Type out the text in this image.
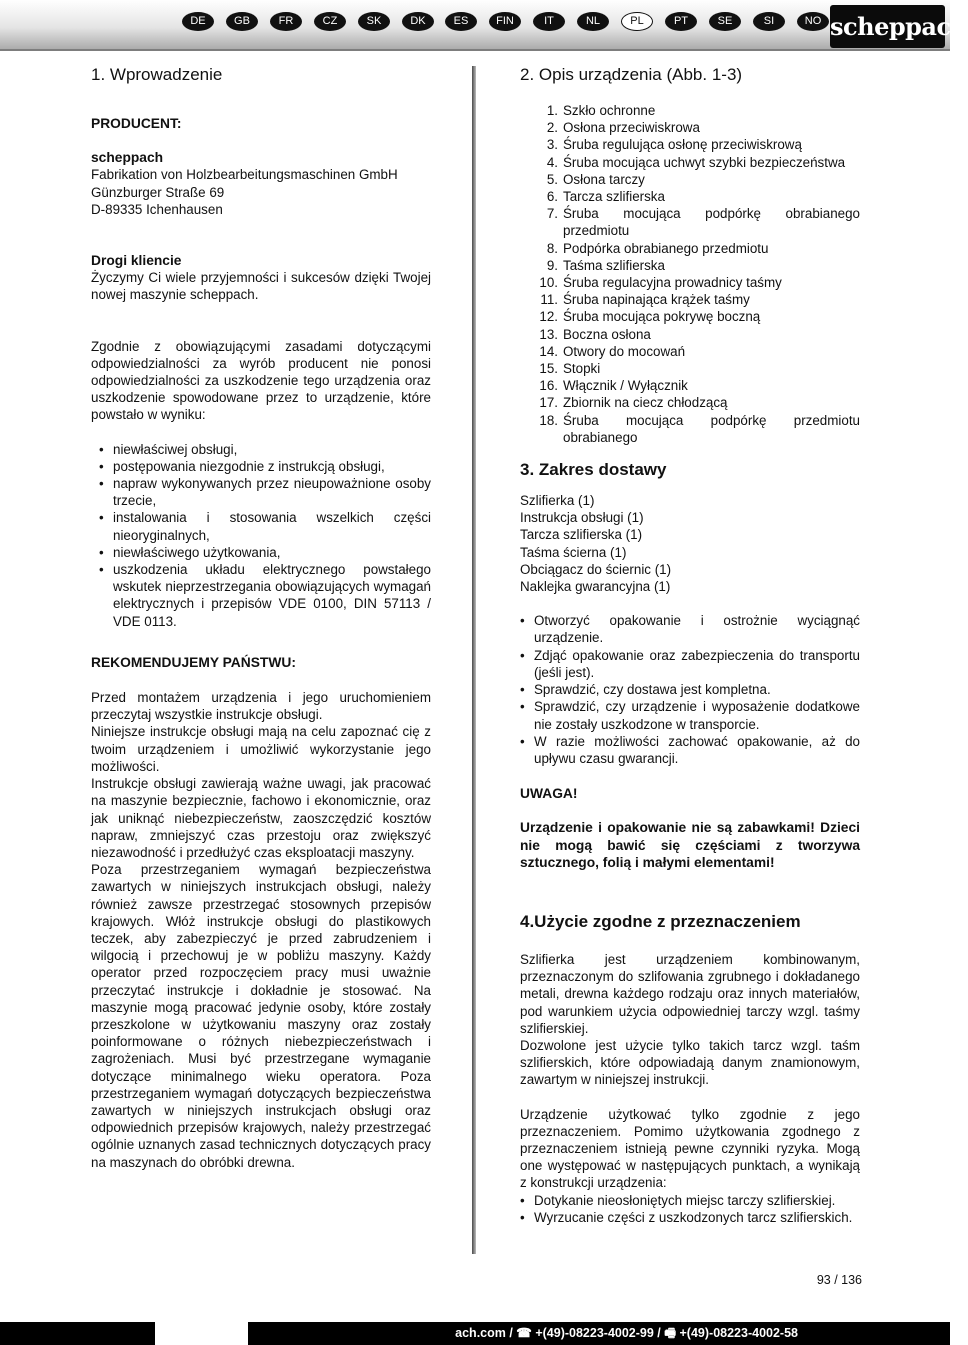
DE	GB	FR	CZ	SK	DK	ES	FIN	IT	NL	PL	PT	SE	SI	NO scheppach
1. Wprowadzenie
PRODUCENT:
scheppach
Fabrikation von Holzbearbeitungsmaschinen GmbH
Günzburger Straße 69
D-89335 Ichenhausen
Drogi kliencie

Życzymy Ci wiele przyjemności i sukcesów dzięki Twojej nowej maszynie scheppach.

Zgodnie z obowiązującymi zasadami dotyczącymi odpowiedzialności za wyrób producent nie ponosi odpowiedzialności za uszkodzenie tego urządzenia oraz uszkodzenie spowodowane przez to urządzenie, które powstało w wyniku:

• niewłaściwej obsługi,
• postępowania niezgodnie z instrukcją obsługi,
• napraw wykonywanych przez nieupoważnione osoby trzecie,
• instalowania i stosowania wszelkich części nieoryginalnych,
• niewłaściwego użytkowania,
• uszkodzenia układu elektrycznego powstałego wskutek nieprzestrzegania obowiązujących wymagań elektrycznych i przepisów VDE 0100, DIN 57113 / VDE 0113.
REKOMENDUJEMY PAŃSTWU:

Przed montażem urządzenia i jego uruchomieniem przeczytaj wszystkie instrukcje obsługi.

Niniejsze instrukcje obsługi mają na celu zapoznać cię z twoim urządzeniem i umożliwić wykorzystanie jego możliwości.

Instrukcje obsługi zawierają ważne uwagi, jak pracować na maszynie bezpiecznie, fachowo i ekonomicznie, oraz jak uniknąć niebezpieczeństw, zaoszczędzić kosztów napraw, zmniejszyć czas przestoju oraz zwiększyć niezawodność i przedłużyć czas eksploatacji maszyny.

Poza przestrzeganiem wymagań bezpieczeństwa zawartych w niniejszych instrukcjach obsługi, należy również zawsze przestrzegać stosownych przepisów krajowych. Włóż instrukcje obsługi do plastikowych teczek, aby zabezpieczyć je przed zabrudzeniem i wilgocią i przechowuj je w pobliżu maszyny. Każdy operator przed rozpoczęciem pracy musi uważnie przeczytać instrukcje i dokładnie je stosować. Na maszynie mogą pracować jedynie osoby, które zostały przeszkolone w użytkowaniu maszyny oraz zostały poinformowane o różnych niebezpieczeństwach i zagrożeniach. Musi być przestrzegane wymaganie dotyczące minimalnego wieku operatora. Poza przestrzeganiem wymagań dotyczących bezpieczeństwa zawartych w niniejszych instrukcjach obsługi oraz odpowiednich przepisów krajowych, należy przestrzegać ogólnie uznanych zasad technicznych dotyczących pracy na maszynach do obróbki drewna.

2. Opis urządzenia (Abb. 1-3)
1. Szkło ochronne
2. Osłona przeciwiskrowa
3. Śruba regulująca osłonę przeciwiskrową
4. Śruba mocująca uchwyt szybki bezpieczeństwa
5. Osłona tarczy
6. Tarcza szlifierska
7. Śruba mocująca podpórkę obrabianego przedmiotu
8. Podpórka obrabianego przedmiotu
9. Taśma szlifierska
10. Śruba regulacyjna prowadnicy taśmy
11. Śruba napinająca krążek taśmy
12. Śruba mocująca pokrywę boczną
13. Boczna osłona
14. Otwory do mocowań
15. Stopki
16. Włącznik / Wyłącznik
17. Zbiornik na ciecz chłodzącą
18. Śruba mocująca podpórkę przedmiotu obrabianego
3. Zakres dostawy
Szlifierka (1)
Instrukcja obsługi (1)
Tarcza szlifierska (1)
Taśma ścierna (1)
Obciągacz do ściernic (1)
Naklejka gwarancyjna (1)
• Otworzyć opakowanie i ostrożnie wyciągnąć urządzenie.
• Zdjąć opakowanie oraz zabezpieczenia do transportu (jeśli jest).
• Sprawdzić, czy dostawa jest kompletna.
• Sprawdzić, czy urządzenie i wyposażenie dodatkowe nie zostały uszkodzone w transporcie.
• W razie możliwości zachować opakowanie, aż do upływu czasu gwarancji.
UWAGA!

Urządzenie i opakowanie nie są zabawkami! Dzieci nie mogą bawić się częściami z tworzywa sztucznego, folią i małymi elementami!

4.Użycie zgodne z przeznaczeniem

Szlifierka jest urządzeniem kombinowanym, przeznaczonym do szlifowania zgrubnego i dokładanego metali, drewna każdego rodzaju oraz innych materiałów, pod warunkiem użycia odpowiedniej tarczy wzgl. taśmy szlifierskiej.

Dozwolone jest użycie tylko takich tarcz wzgl. taśm szlifierskich, które odpowiadają danym znamionowym, zawartym w niniejszej instrukcji.

Urządzenie użytkować tylko zgodnie z jego przeznaczeniem. Pomimo użytkowania zgodnego z przeznaczeniem istnieją pewne czynniki ryzyka. Mogą one występować w następujących punktach, a wynikają z konstrukcji urządzenia:

• Dotykanie nieosłoniętych miejsc tarczy szlifierskiej.
• Wyrzucanie części z uszkodzonych tarcz szlifierskich.
93 / 136
ach.com / ☎ +(49)-08223-4002-99 / 🖷 +(49)-08223-4002-58
